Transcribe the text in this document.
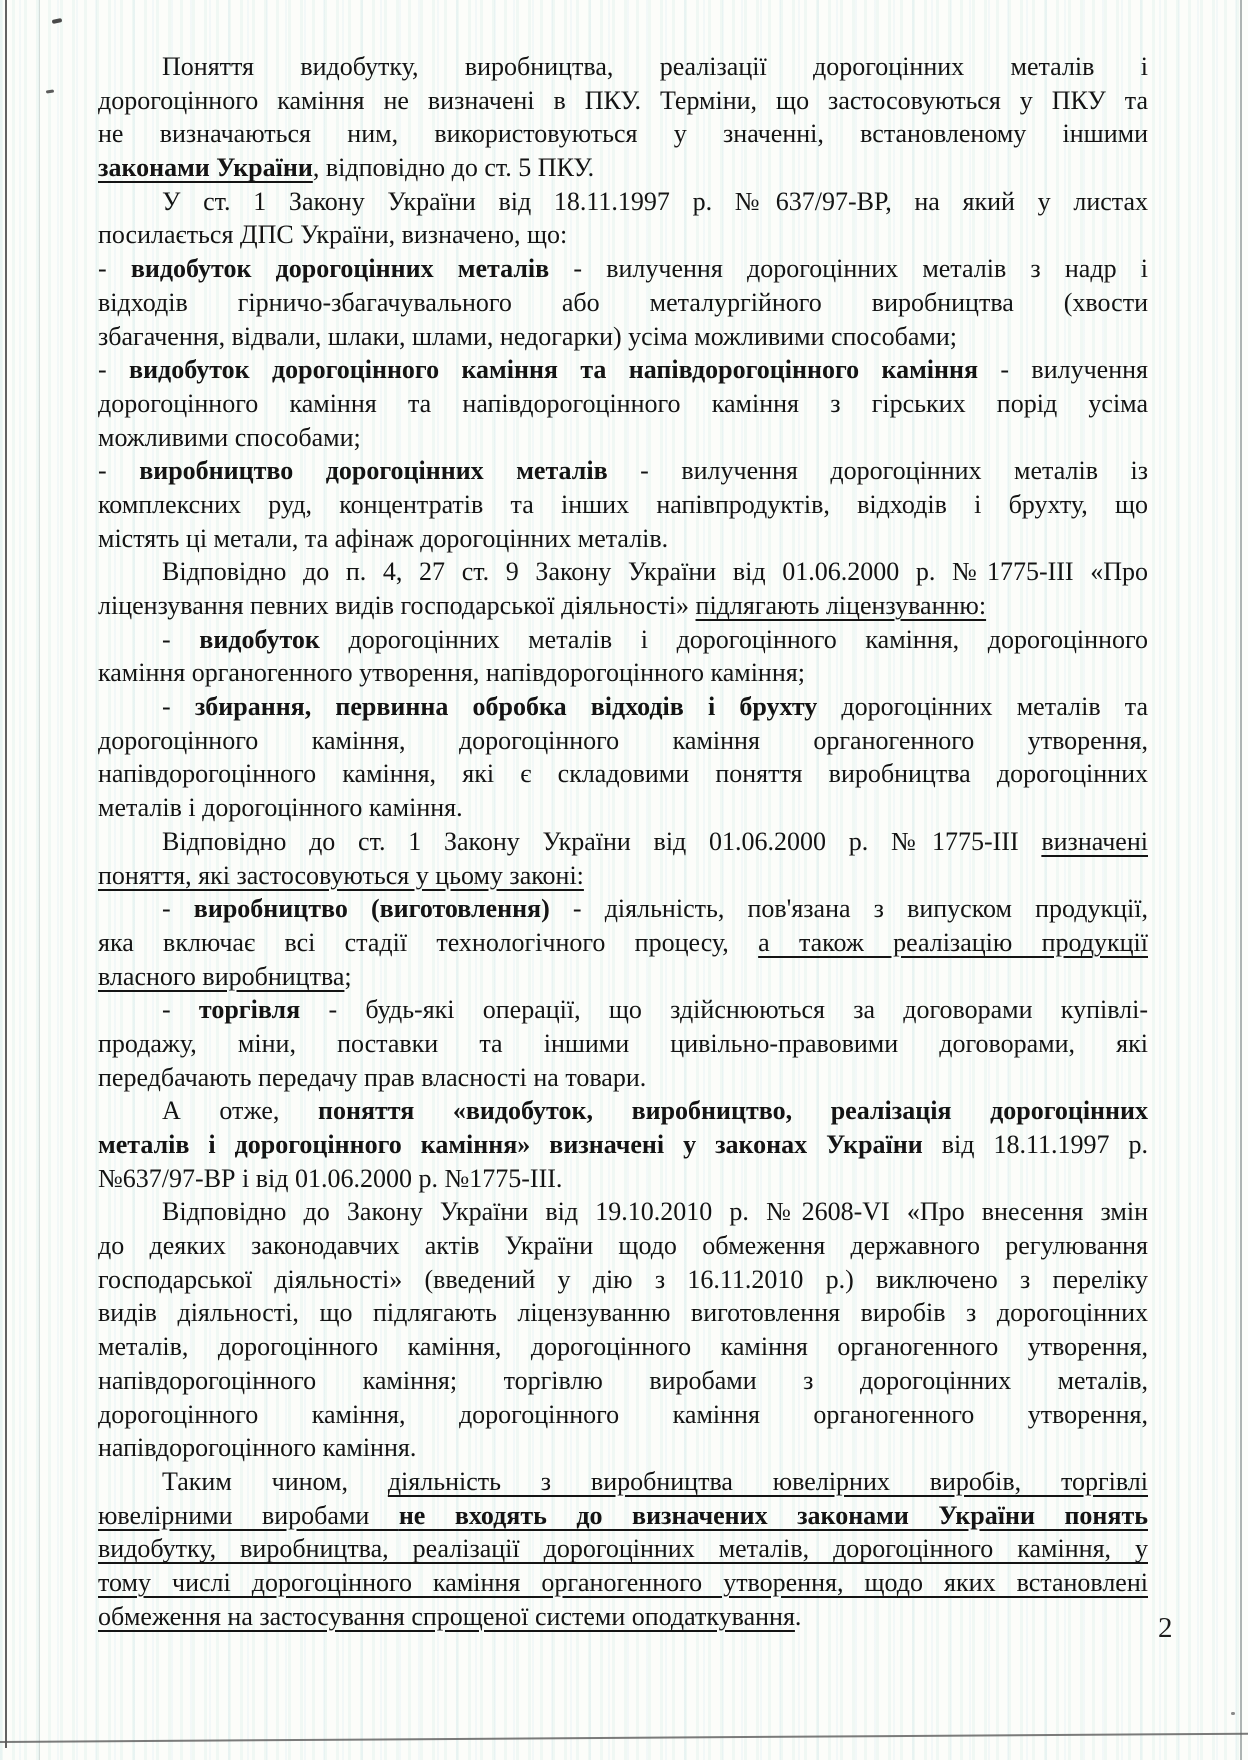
Поняття видобутку, виробництва, реалізації дорогоцінних металів і
дорогоцінного каміння не визначені в ПКУ. Терміни, що застосовуються у ПКУ та
не визначаються ним, використовуються у значенні, встановленому іншими
законами України, відповідно до ст. 5 ПКУ.
У ст. 1 Закону України від 18.11.1997 р. №637/97-ВР, на який у листах
посилається ДПС України, визначено, що:
- видобуток дорогоцінних металів - вилучення дорогоцінних металів з надр і
відходів гірничо-збагачувального або металургійного виробництва (хвости
збагачення, відвали, шлаки, шлами, недогарки) усіма можливими способами;
- видобуток дорогоцінного каміння та напівдорогоцінного каміння - вилучення
дорогоцінного каміння та напівдорогоцінного каміння з гірських порід усіма
можливими способами;
- виробництво дорогоцінних металів - вилучення дорогоцінних металів із
комплексних руд, концентратів та інших напівпродуктів, відходів і брухту, що
містять ці метали, та афінаж дорогоцінних металів.
Відповідно до п. 4, 27 ст. 9 Закону України від 01.06.2000 р. №1775-III «Про
ліцензування певних видів господарської діяльності» підлягають ліцензуванню:
- видобуток дорогоцінних металів і дорогоцінного каміння, дорогоцінного
каміння органогенного утворення, напівдорогоцінного каміння;
- збирання, первинна обробка відходів і брухту дорогоцінних металів та
дорогоцінного каміння, дорогоцінного каміння органогенного утворення,
напівдорогоцінного каміння, які є складовими поняття виробництва дорогоцінних
металів і дорогоцінного каміння.
Відповідно до ст. 1 Закону України від 01.06.2000 р. №1775-III визначені
поняття, які застосовуються у цьому законі:
- виробництво (виготовлення) - діяльність, пов'язана з випуском продукції,
яка включає всі стадії технологічного процесу, а також реалізацію продукції
власного виробництва;
- торгівля - будь-які операції, що здійснюються за договорами купівлі-
продажу, міни, поставки та іншими цивільно-правовими договорами, які
передбачають передачу прав власності на товари.
А отже, поняття «видобуток, виробництво, реалізація дорогоцінних
металів і дорогоцінного каміння» визначені у законах України від 18.11.1997 р.
№637/97-ВР і від 01.06.2000 р. №1775-III.
Відповідно до Закону України від 19.10.2010 р. №2608-VI «Про внесення змін
до деяких законодавчих актів України щодо обмеження державного регулювання
господарської діяльності» (введений у дію з 16.11.2010 р.) виключено з переліку
видів діяльності, що підлягають ліцензуванню виготовлення виробів з дорогоцінних
металів, дорогоцінного каміння, дорогоцінного каміння органогенного утворення,
напівдорогоцінного каміння; торгівлю виробами з дорогоцінних металів,
дорогоцінного каміння, дорогоцінного каміння органогенного утворення,
напівдорогоцінного каміння.
Таким чином, діяльність з виробництва ювелірних виробів, торгівлі
ювелірними виробами не входять до визначених законами України понять
видобутку, виробництва, реалізації дорогоцінних металів, дорогоцінного каміння, у
тому числі дорогоцінного каміння органогенного утворення, щодо яких встановлені
обмеження на застосування спрощеної системи оподаткування.	2
